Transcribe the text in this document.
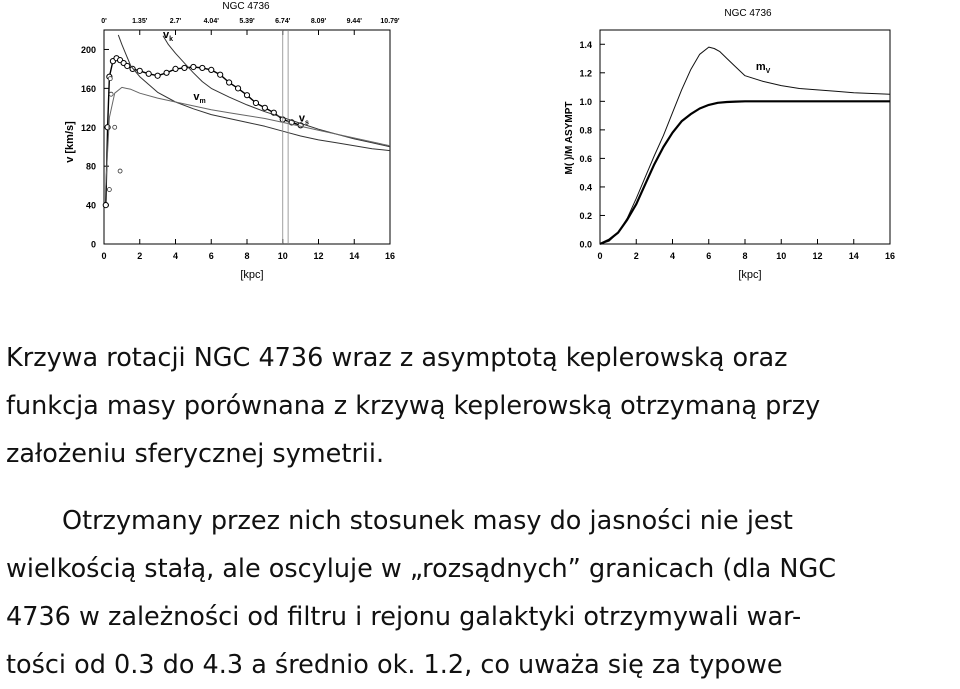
NGC 4736
0'	1.35'	2.7'	4.04'	5.39'	6.74'	8.09'	9.44'	10.79'
0	2	4	6	8	10	12	14	16
0
40
80
120
160
200
[kpc]
v [km/s]
$v_k$
$v_m$
$v_s$
NGC 4736
0	2	4	6	8	10	12	14	16
0.0
0.2
0.4
0.6
0.8
1.0
1.2
1.4
[kpc]
M( )/M ASYMPT
$m_V$
Krzywa rotacji NGC 4736 wraz z asymptotą keplerowską oraz
funkcja masy porównana z krzywą keplerowską otrzymaną przy
założeniu sferycznej symetrii.
Otrzymany przez nich stosunek masy do jasności nie jest
wielkością stałą, ale oscyluje w „rozsądnych” granicach (dla NGC
4736 w zależności od filtru i rejonu galaktyki otrzymywali war-
tości od 0.3 do 4.3 a średnio ok. 1.2, co uważa się za typowe
